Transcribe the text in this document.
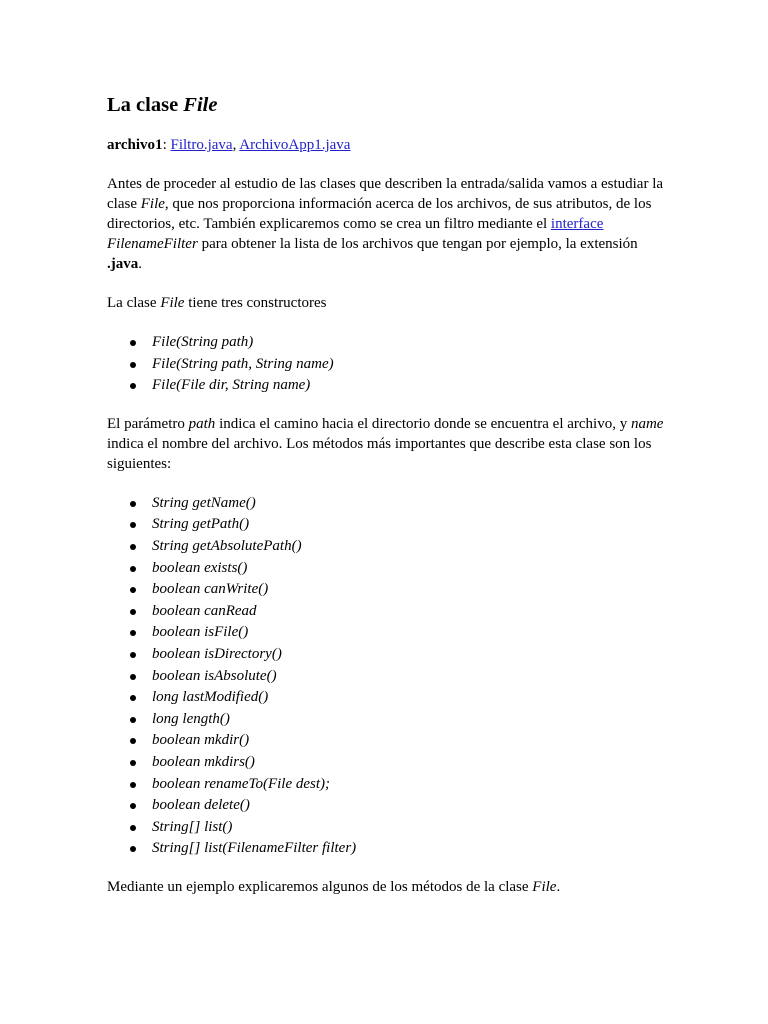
La clase File

archivo1: Filtro.java, ArchivoApp1.java

Antes de proceder al estudio de las clases que describen la entrada/salida vamos a estudiar la clase File, que nos proporciona información acerca de los archivos, de sus atributos, de los directorios, etc. También explicaremos como se crea un filtro mediante el interface FilenameFilter para obtener la lista de los archivos que tengan por ejemplo, la extensión .java.

La clase File tiene tres constructores

File(String path)
File(String path, String name)
File(File dir, String name)

El parámetro path indica el camino hacia el directorio donde se encuentra el archivo, y name indica el nombre del archivo. Los métodos más importantes que describe esta clase son los siguientes:

String getName()
String getPath()
String getAbsolutePath()
boolean exists()
boolean canWrite()
boolean canRead
boolean isFile()
boolean isDirectory()
boolean isAbsolute()
long lastModified()
long length()
boolean mkdir()
boolean mkdirs()
boolean renameTo(File dest);
boolean delete()
String[] list()
String[] list(FilenameFilter filter)

Mediante un ejemplo explicaremos algunos de los métodos de la clase File.
